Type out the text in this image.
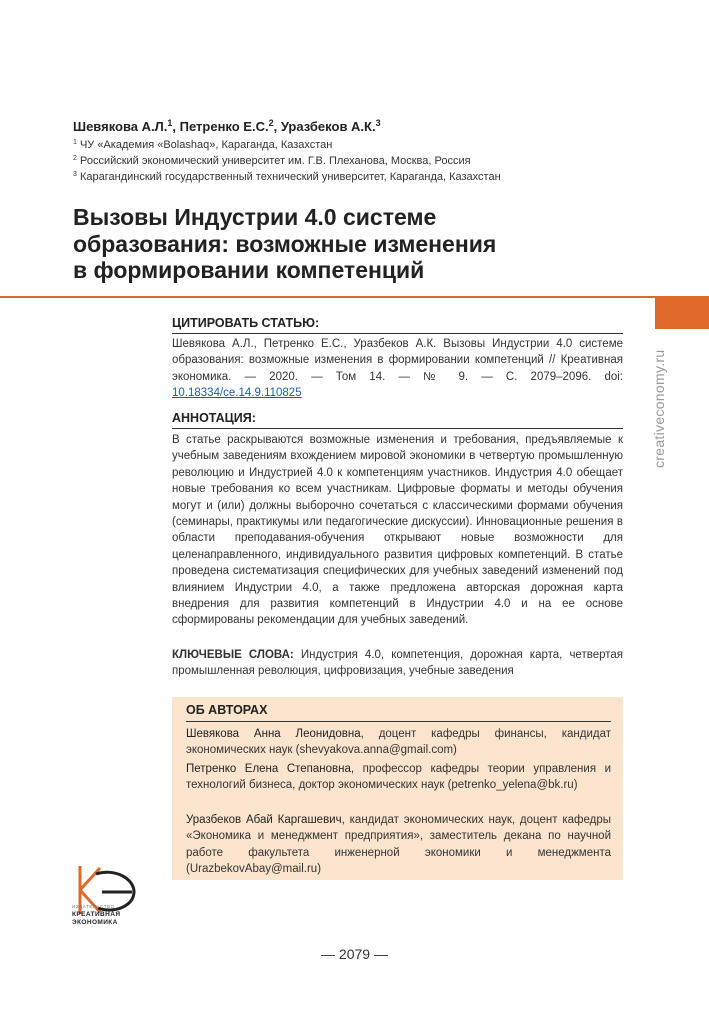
Шевякова А.Л.$^1$, Петренко Е.С.$^2$, Уразбеков А.К.$^3$
$^1$ ЧУ «Академия «Bolashaq», Караганда, Казахстан
$^2$ Российский экономический университет им. Г.В. Плеханова, Москва, Россия
$^3$ Карагандинский государственный технический университет, Караганда, Казахстан
Вызовы Индустрии 4.0 системе
образования: возможные изменения
в формировании компетенций
creativeconomy.ru
ЦИТИРОВАТЬ СТАТЬЮ:
Шевякова А.Л., Петренко Е.С., Уразбеков А.К. Вызовы Индустрии 4.0 системе образования: возможные изменения в формировании компетенций // Креативная экономика. — 2020. — Том 14. — № 9. — С. 2079–2096. doi: 10.18334/ce.14.9.110825
АННОТАЦИЯ:
В статье раскрываются возможные изменения и требования, предъявляемые к учебным заведениям вхождением мировой экономики в четвертую промышленную революцию и Индустрией 4.0 к компетенциям участников. Индустрия 4.0 обещает новые требования ко всем участникам. Цифровые форматы и методы обучения могут и (или) должны выборочно сочетаться с классическими формами обучения (семинары, практикумы или педагогические дискуссии). Инновационные решения в области преподавания-обучения открывают новые возможности для целенаправленного, индивидуального развития цифровых компетенций. В статье проведена систематизация специфических для учебных заведений изменений под влиянием Индустрии 4.0, а также предложена авторская дорожная карта внедрения для развития компетенций в Индустрии 4.0 и на ее основе сформированы рекомендации для учебных заведений.
КЛЮЧЕВЫЕ СЛОВА: Индустрия 4.0, компетенция, дорожная карта, четвертая промышленная революция, цифровизация, учебные заведения
ОБ АВТОРАХ
Шевякова Анна Леонидовна, доцент кафедры финансы, кандидат экономических наук (shevyakova.anna@gmail.com)
Петренко Елена Степановна, профессор кафедры теории управления и технологий бизнеса, доктор экономических наук (petrenko_yelena@bk.ru)
Уразбеков Абай Каргашевич, кандидат экономических наук, доцент кафедры «Экономика и менеджмент предприятия», заместитель декана по научной работе факультета инженерной экономики и менеджмента (UrazbekovAbay@mail.ru)
ИЗДАТЕЛЬСТВО
КРЕАТИВНАЯ
ЭКОНОМИКА
— 2079 —
